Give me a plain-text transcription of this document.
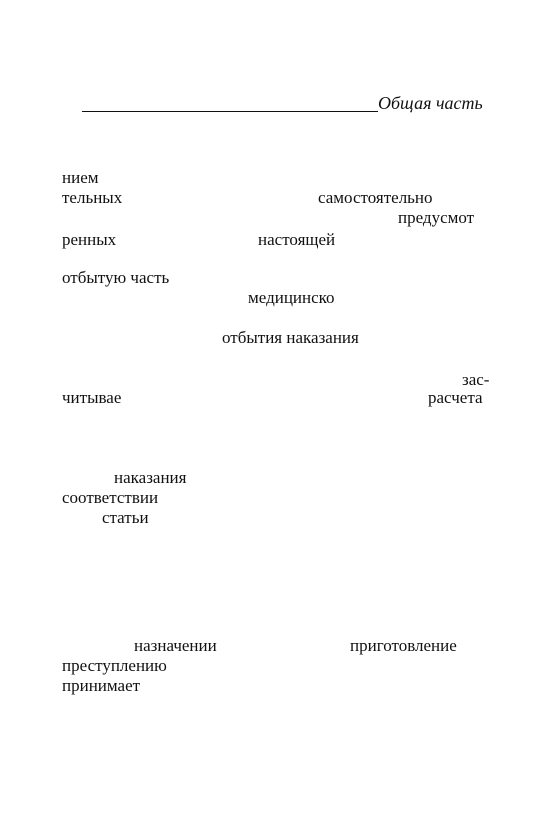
Общая часть
нием
тельных	самостоятельно
предусмот
ренных	настоящей
отбытую часть
медицинско
отбытия наказания
зас-
читывае	расчета
наказания
соответствии
статьи
назначении	приготовление
преступлению
принимает
